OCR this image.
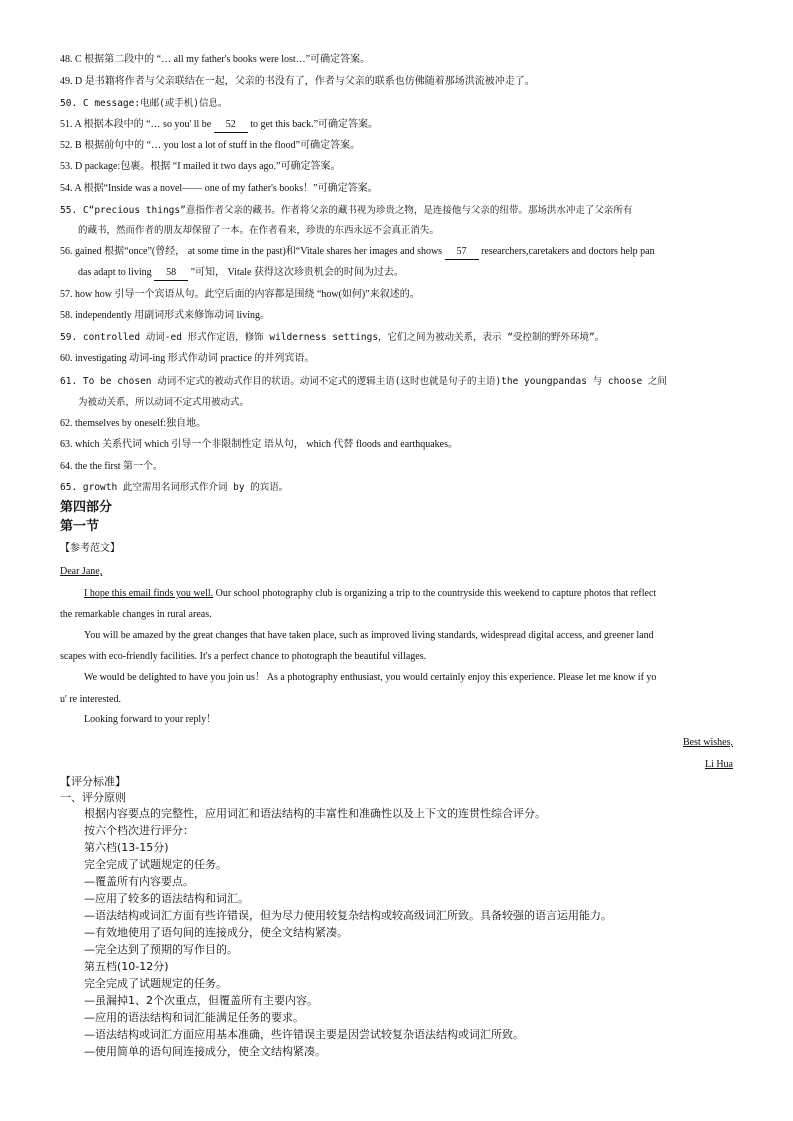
48. C 根据第二段中的 “… all my father's books were lost…”可确定答案。
49. D 是书籍将作者与父亲联结在一起，父亲的书没有了，作者与父亲的联系也仿佛随着那场洪流被冲走了。
50. C message:电邮(或手机)信息。
51. A 根据本段中的 “… so you' ll be 52 to get this back.”可确定答案。
52. B 根据前句中的 “… you lost a lot of stuff in the flood”可确定答案。
53. D package:包裹。根据 “I mailed it two days ago.”可确定答案。
54. A 根据“Inside was a novel—— one of my father's books！”可确定答案。
55. C“precious things”意指作者父亲的藏书。作者将父亲的藏书视为珍贵之物，是连接他与父亲的纽带。那场洪水冲走了父亲所有
的藏书，然而作者的朋友却保留了一本。在作者看来，珍贵的东西永远不会真正消失。
56. gained 根据“once”(曾经， at some time in the past)和“Vitale shares her images and shows 57 researchers,caretakers and doctors help pan
das adapt to living 58 ”可知， Vitale 获得这次珍贵机会的时间为过去。
57. how how 引导一个宾语从句。此空后面的内容都是围绕 “how(如何)”来叙述的。
58. independently 用副词形式来修饰动词 living。
59. controlled 动词-ed 形式作定语，修饰 wilderness settings，它们之间为被动关系，表示 “受控制的野外环境”。
60. investigating 动词-ing 形式作动词 practice 的并列宾语。
61. To be chosen 动词不定式的被动式作目的状语。动词不定式的逻辑主语(这时也就是句子的主语)the youngpandas 与 choose 之间
为被动关系，所以动词不定式用被动式。
62. themselves by oneself:独自地。
63. which 关系代词 which 引导一个非限制性定 语从句， which 代替 floods and earthquakes。
64. the the first 第一个。
65. growth 此空需用名词形式作介词 by 的宾语。
第四部分
第一节
【参考范文】
Dear Jane,
I hope this email finds you well. Our school photography club is organizing a trip to the countryside this weekend to capture photos that reflect
the remarkable changes in rural areas.
You will be amazed by the great changes that have taken place, such as improved living standards, widespread digital access, and greener land
scapes with eco-friendly facilities. It's a perfect chance to photograph the beautiful villages.
We would be delighted to have you join us！ As a photography enthusiast, you would certainly enjoy this experience. Please let me know if yo
u' re interested.
Looking forward to your reply！
Best wishes,
Li Hua
【评分标准】
一、评分原则
根据内容要点的完整性，应用词汇和语法结构的丰富性和准确性以及上下文的连贯性综合评分。
按六个档次进行评分：
第六档(13-15分)
完全完成了试题规定的任务。
—覆盖所有内容要点。
—应用了较多的语法结构和词汇。
—语法结构或词汇方面有些许错误，但为尽力使用较复杂结构或较高级词汇所致。具备较强的语言运用能力。
—有效地使用了语句间的连接成分，使全文结构紧凑。
—完全达到了预期的写作目的。
第五档(10-12分)
完全完成了试题规定的任务。
—虽漏掉1、2个次重点，但覆盖所有主要内容。
—应用的语法结构和词汇能满足任务的要求。
—语法结构或词汇方面应用基本准确，些许错误主要是因尝试较复杂语法结构或词汇所致。
—使用简单的语句间连接成分，使全文结构紧凑。
